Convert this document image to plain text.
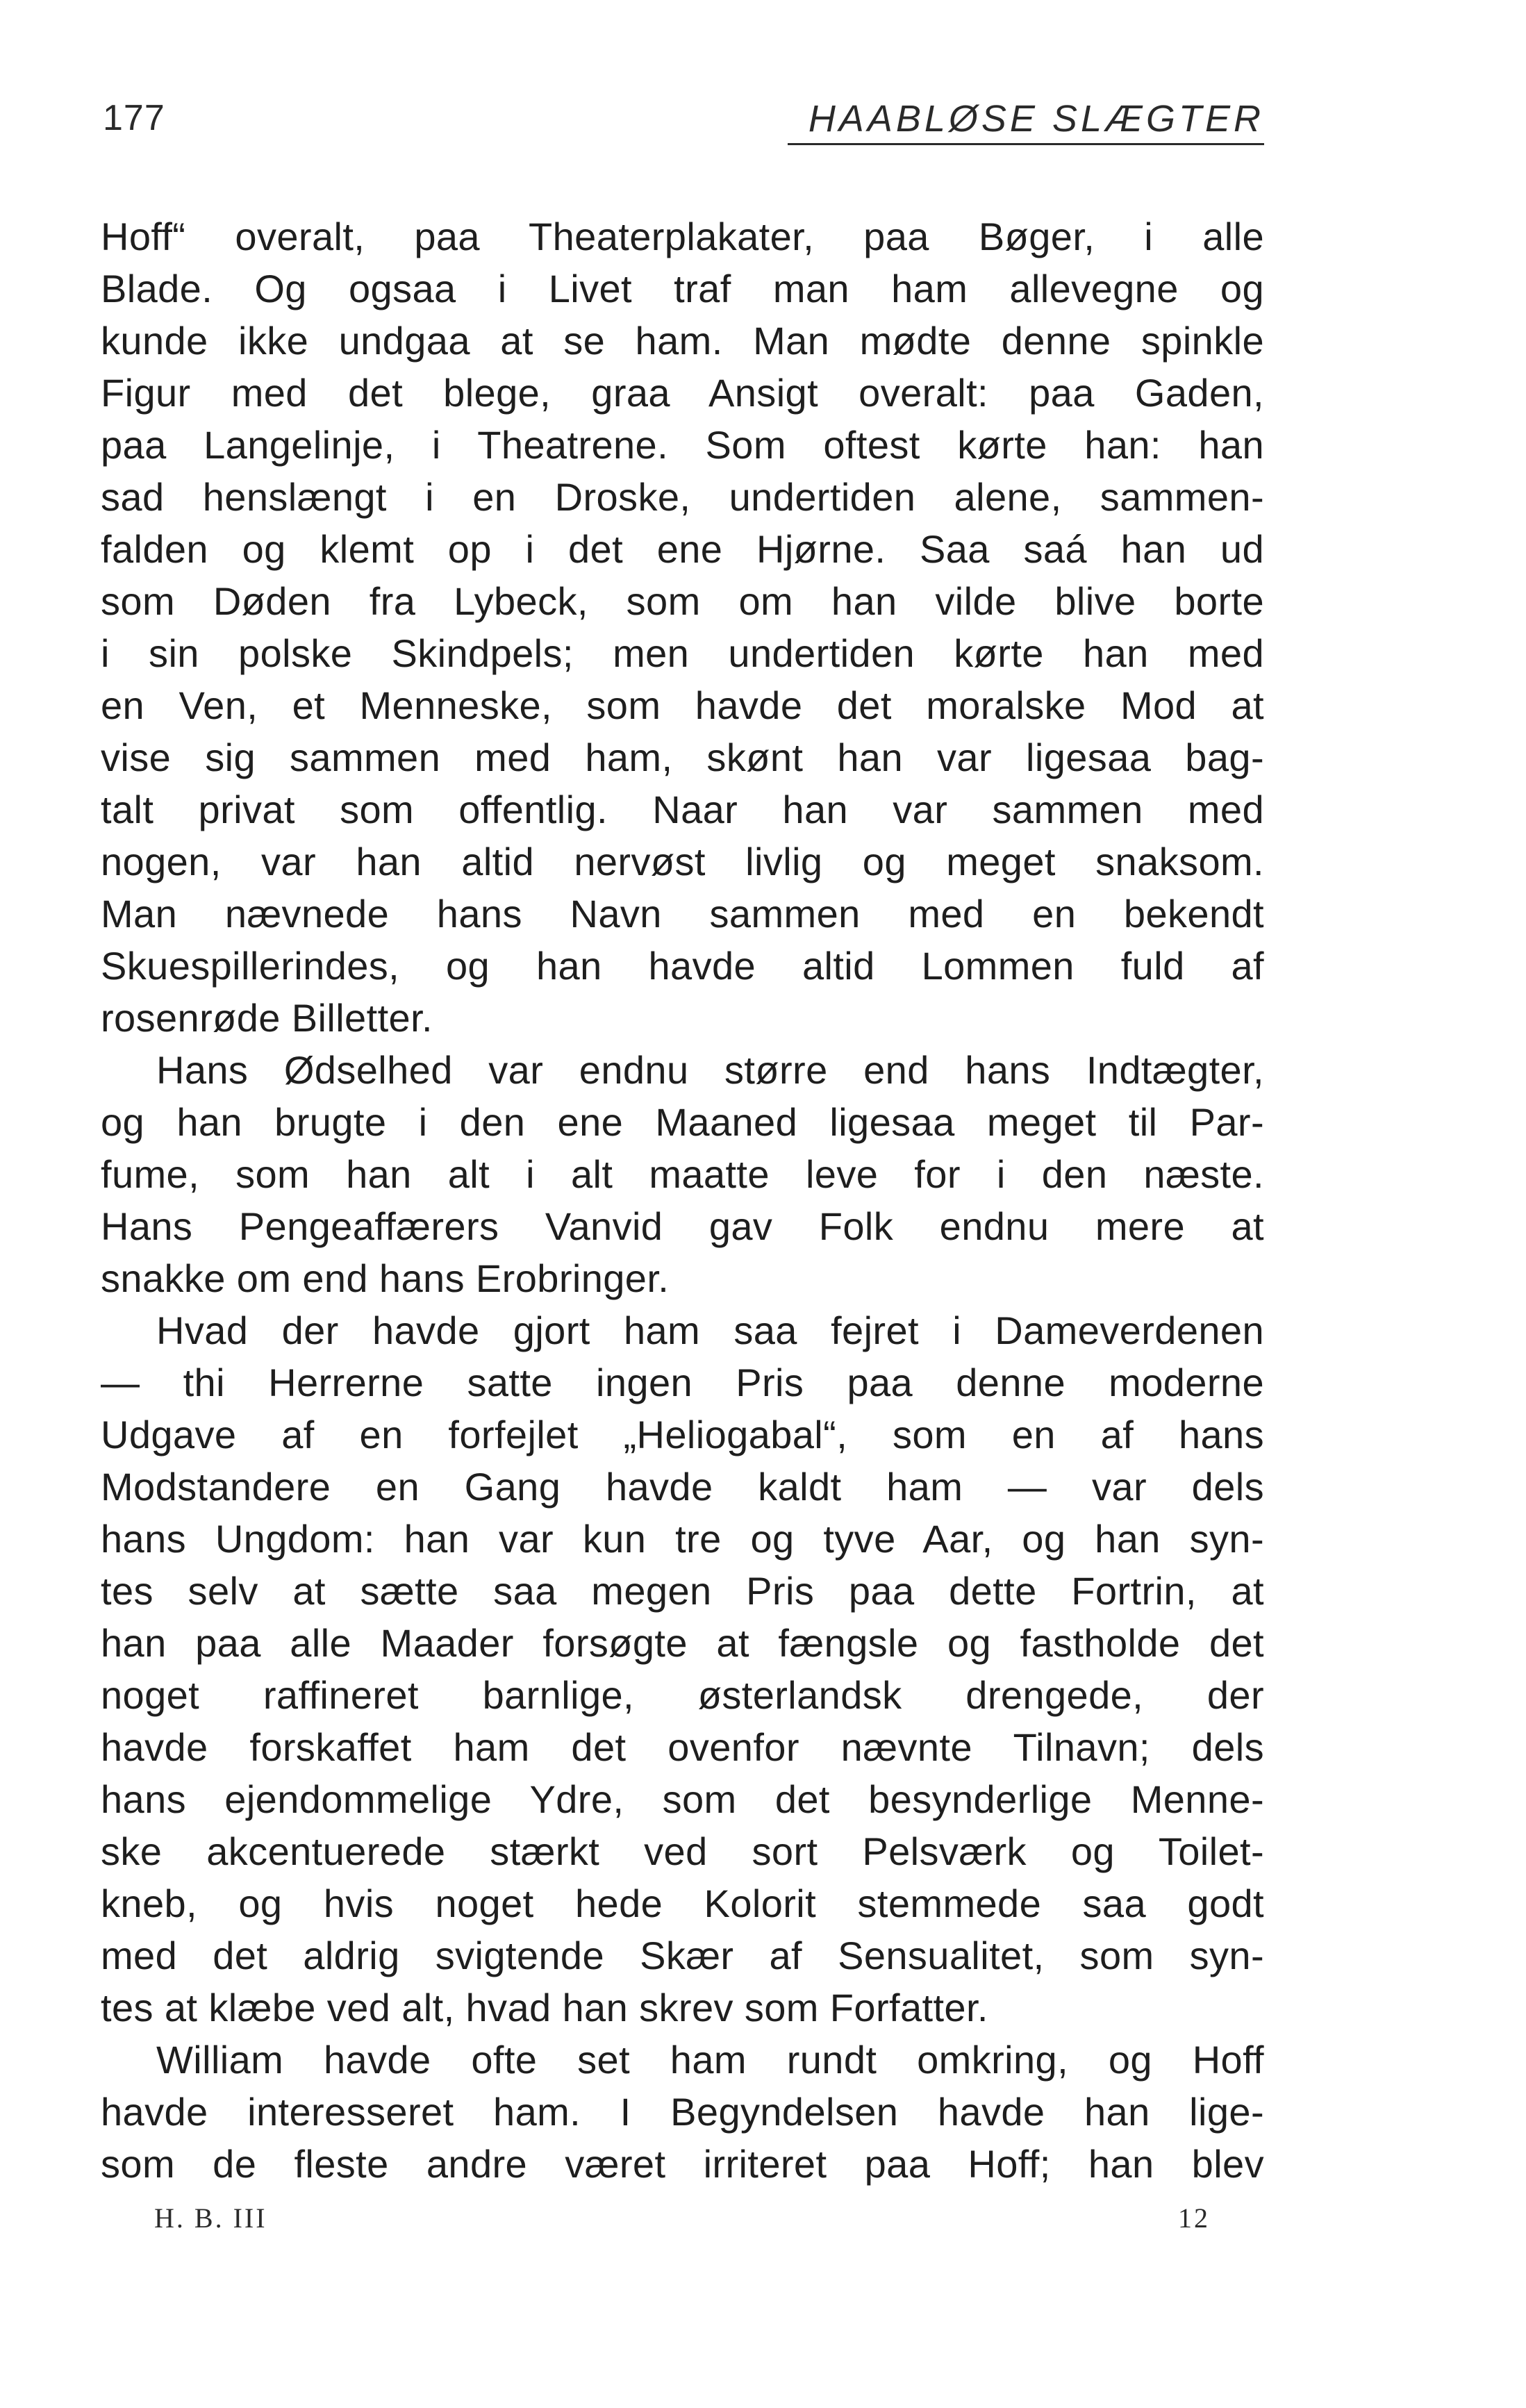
177	HAABLØSE SLÆGTER
Hoff“ overalt, paa Theaterplakater, paa Bøger, i alle
Blade. Og ogsaa i Livet traf man ham allevegne og
kunde ikke undgaa at se ham. Man mødte denne spinkle
Figur med det blege, graa Ansigt overalt: paa Gaden,
paa Langelinje, i Theatrene. Som oftest kørte han: han
sad henslængt i en Droske, undertiden alene, sammen-
falden og klemt op i det ene Hjørne. Saa saá han ud
som Døden fra Lybeck, som om han vilde blive borte
i sin polske Skindpels; men undertiden kørte han med
en Ven, et Menneske, som havde det moralske Mod at
vise sig sammen med ham, skønt han var ligesaa bag-
talt privat som offentlig. Naar han var sammen med
nogen, var han altid nervøst livlig og meget snaksom.
Man nævnede hans Navn sammen med en bekendt
Skuespillerindes, og han havde altid Lommen fuld af
rosenrøde Billetter.
Hans Ødselhed var endnu større end hans Indtægter,
og han brugte i den ene Maaned ligesaa meget til Par-
fume, som han alt i alt maatte leve for i den næste.
Hans Pengeaffærers Vanvid gav Folk endnu mere at
snakke om end hans Erobringer.
Hvad der havde gjort ham saa fejret i Dameverdenen
— thi Herrerne satte ingen Pris paa denne moderne
Udgave af en forfejlet „Heliogabal“, som en af hans
Modstandere en Gang havde kaldt ham — var dels
hans Ungdom: han var kun tre og tyve Aar, og han syn-
tes selv at sætte saa megen Pris paa dette Fortrin, at
han paa alle Maader forsøgte at fængsle og fastholde det
noget raffineret barnlige, østerlandsk drengede, der
havde forskaffet ham det ovenfor nævnte Tilnavn; dels
hans ejendommelige Ydre, som det besynderlige Menne-
ske akcentuerede stærkt ved sort Pelsværk og Toilet-
kneb, og hvis noget hede Kolorit stemmede saa godt
med det aldrig svigtende Skær af Sensualitet, som syn-
tes at klæbe ved alt, hvad han skrev som Forfatter.
William havde ofte set ham rundt omkring, og Hoff
havde interesseret ham. I Begyndelsen havde han lige-
som de fleste andre været irriteret paa Hoff; han blev
H. B. III	12
